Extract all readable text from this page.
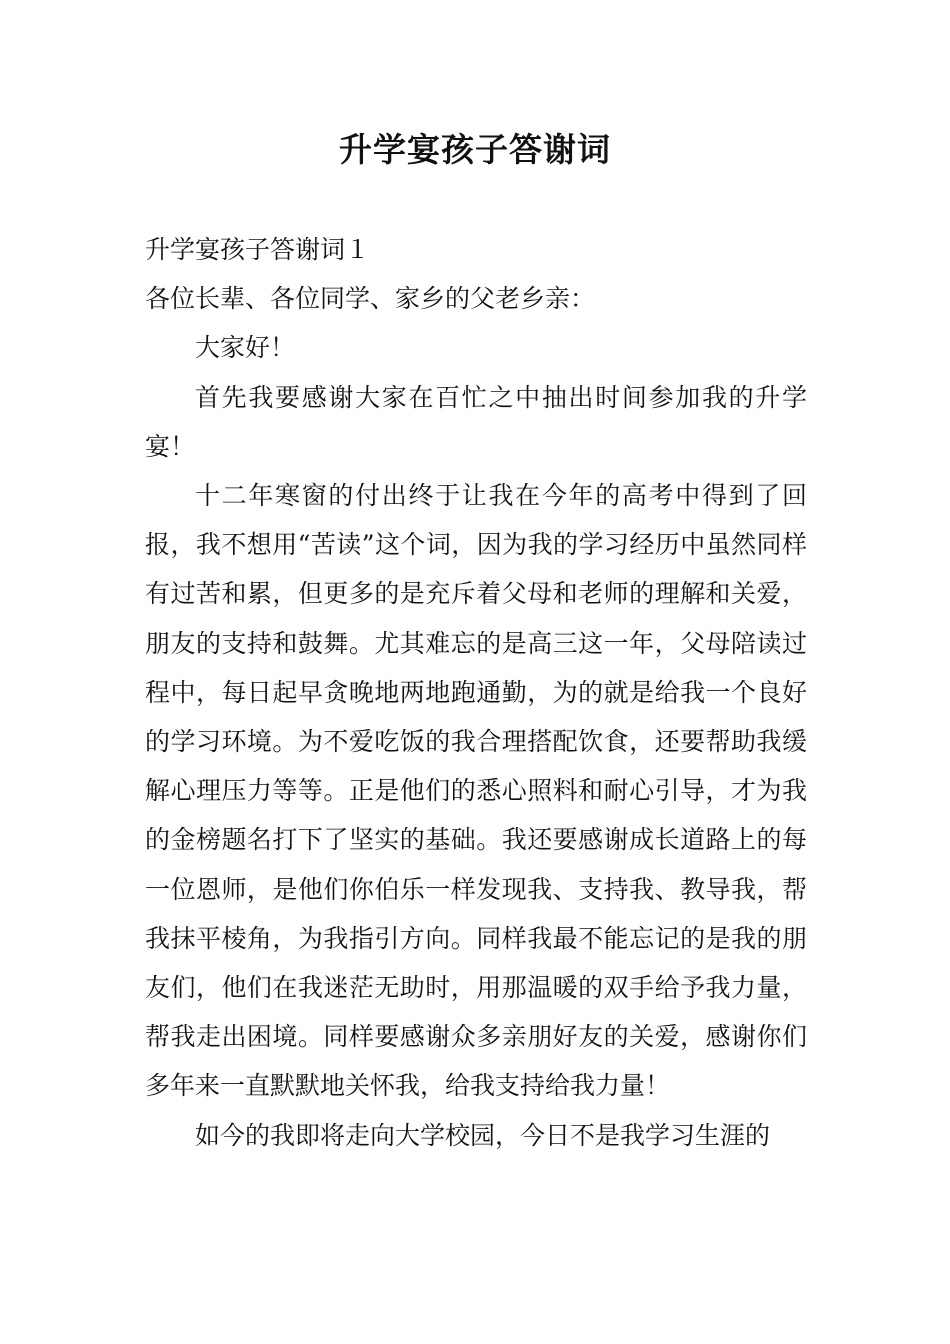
升学宴孩子答谢词

升学宴孩子答谢词１

各位长辈、各位同学、家乡的父老乡亲：

大家好！

首先我要感谢大家在百忙之中抽出时间参加我的升学宴！

十二年寒窗的付出终于让我在今年的高考中得到了回报，我不想用“苦读”这个词，因为我的学习经历中虽然同样有过苦和累，但更多的是充斥着父母和老师的理解和关爱，朋友的支持和鼓舞。尤其难忘的是高三这一年，父母陪读过程中，每日起早贪晚地两地跑通勤，为的就是给我一个良好的学习环境。为不爱吃饭的我合理搭配饮食，还要帮助我缓解心理压力等等。正是他们的悉心照料和耐心引导，才为我的金榜题名打下了坚实的基础。我还要感谢成长道路上的每一位恩师，是他们你伯乐一样发现我、支持我、教导我，帮我抹平棱角，为我指引方向。同样我最不能忘记的是我的朋友们，他们在我迷茫无助时，用那温暖的双手给予我力量，帮我走出困境。同样要感谢众多亲朋好友的关爱，感谢你们多年来一直默默地关怀我，给我支持给我力量！

如今的我即将走向大学校园，今日不是我学习生涯的
